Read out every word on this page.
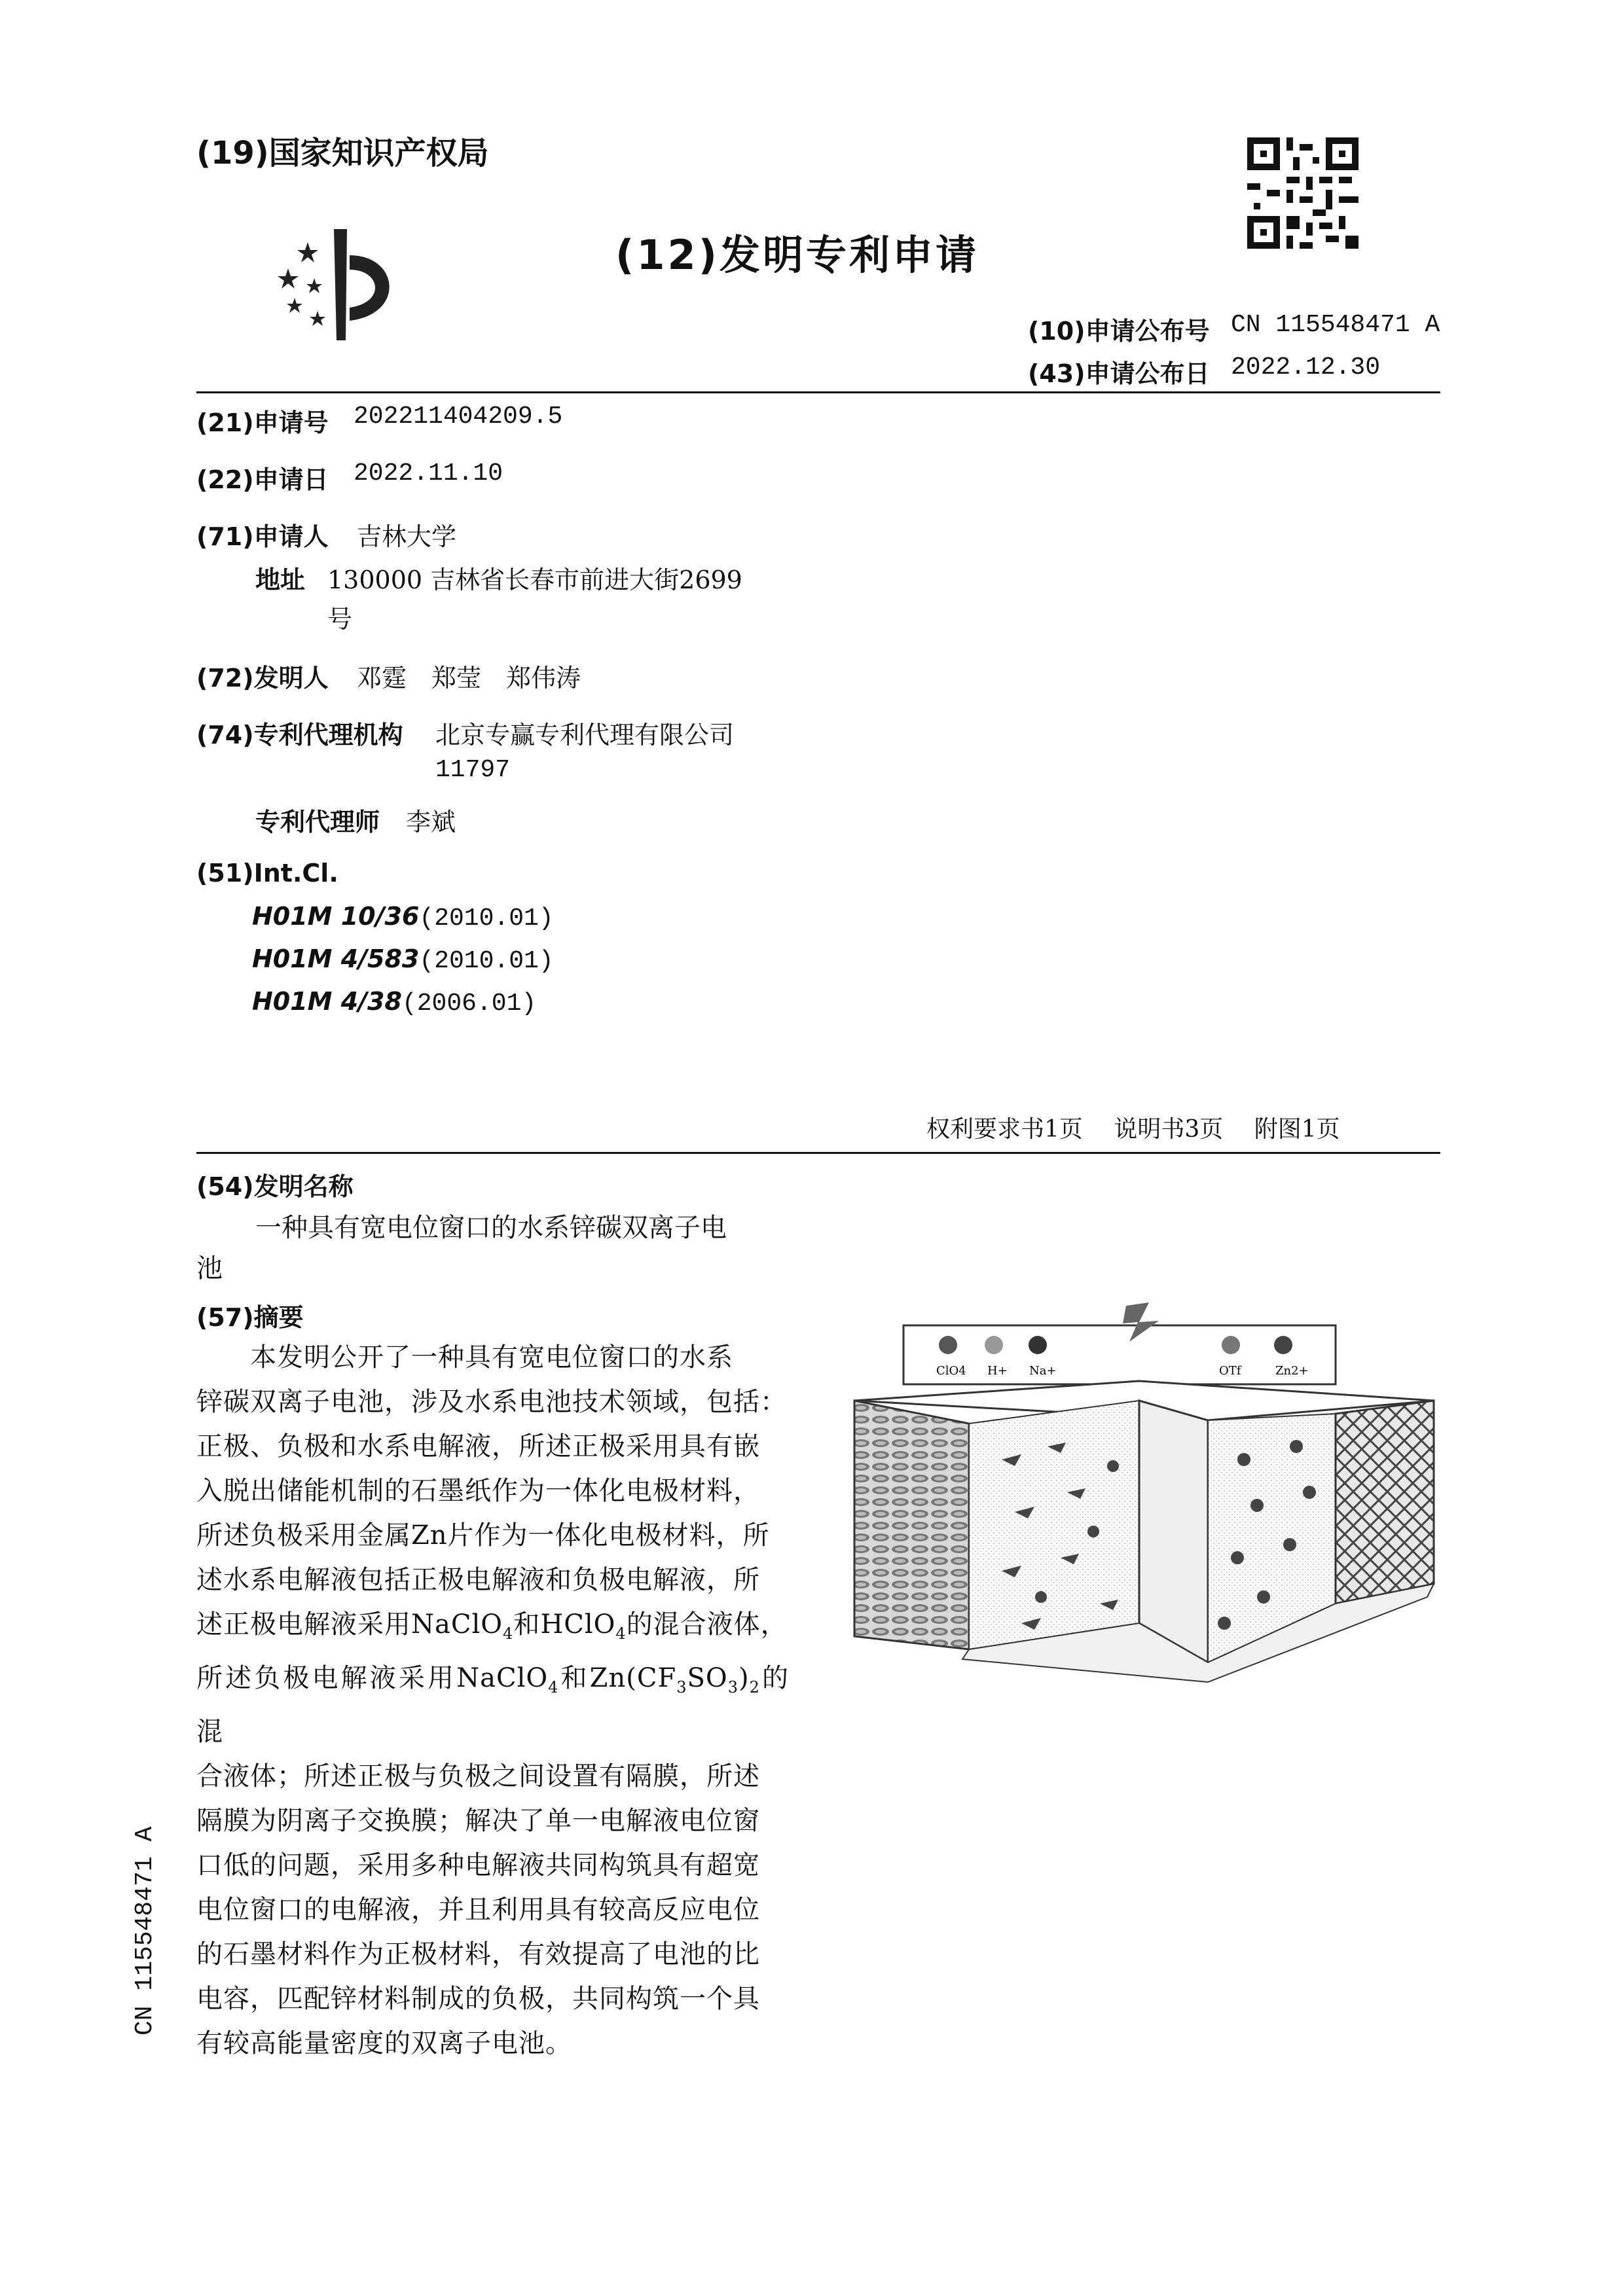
(19)国家知识产权局
(12)发明专利申请
(10)申请公布号 CN 115548471 A
(43)申请公布日 2022.12.30
(21)申请号 202211404209.5
(22)申请日 2022.11.10
(71)申请人 吉林大学
地址 130000 吉林省长春市前进大街2699
号
(72)发明人 邓霆　郑莹　郑伟涛
(74)专利代理机构 北京专赢专利代理有限公司
11797
专利代理师 李斌
(51)Int.Cl.
H01M 10/36(2010.01)
H01M 4/583(2010.01)
H01M 4/38(2006.01)
权利要求书1页　 说明书3页　 附图1页
(54)发明名称
一种具有宽电位窗口的水系锌碳双离子电
池
(57)摘要
　　本发明公开了一种具有宽电位窗口的水系
锌碳双离子电池，涉及水系电池技术领域，包括：
正极、负极和水系电解液，所述正极采用具有嵌
入脱出储能机制的石墨纸作为一体化电极材料，
所述负极采用金属Zn片作为一体化电极材料，所
述水系电解液包括正极电解液和负极电解液，所
述正极电解液采用NaClO$_4$和HClO$_4$的混合液体，
所述负极电解液采用NaClO$_4$和$Zn(CF_3SO_3)_2$的混
合液体；所述正极与负极之间设置有隔膜，所述
隔膜为阴离子交换膜；解决了单一电解液电位窗
口低的问题，采用多种电解液共同构筑具有超宽
电位窗口的电解液，并且利用具有较高反应电位
的石墨材料作为正极材料，有效提高了电池的比
电容，匹配锌材料制成的负极，共同构筑一个具
有较高能量密度的双离子电池。
CN 115548471 A
ClO4 H+ Na+	OTf	Zn2+
